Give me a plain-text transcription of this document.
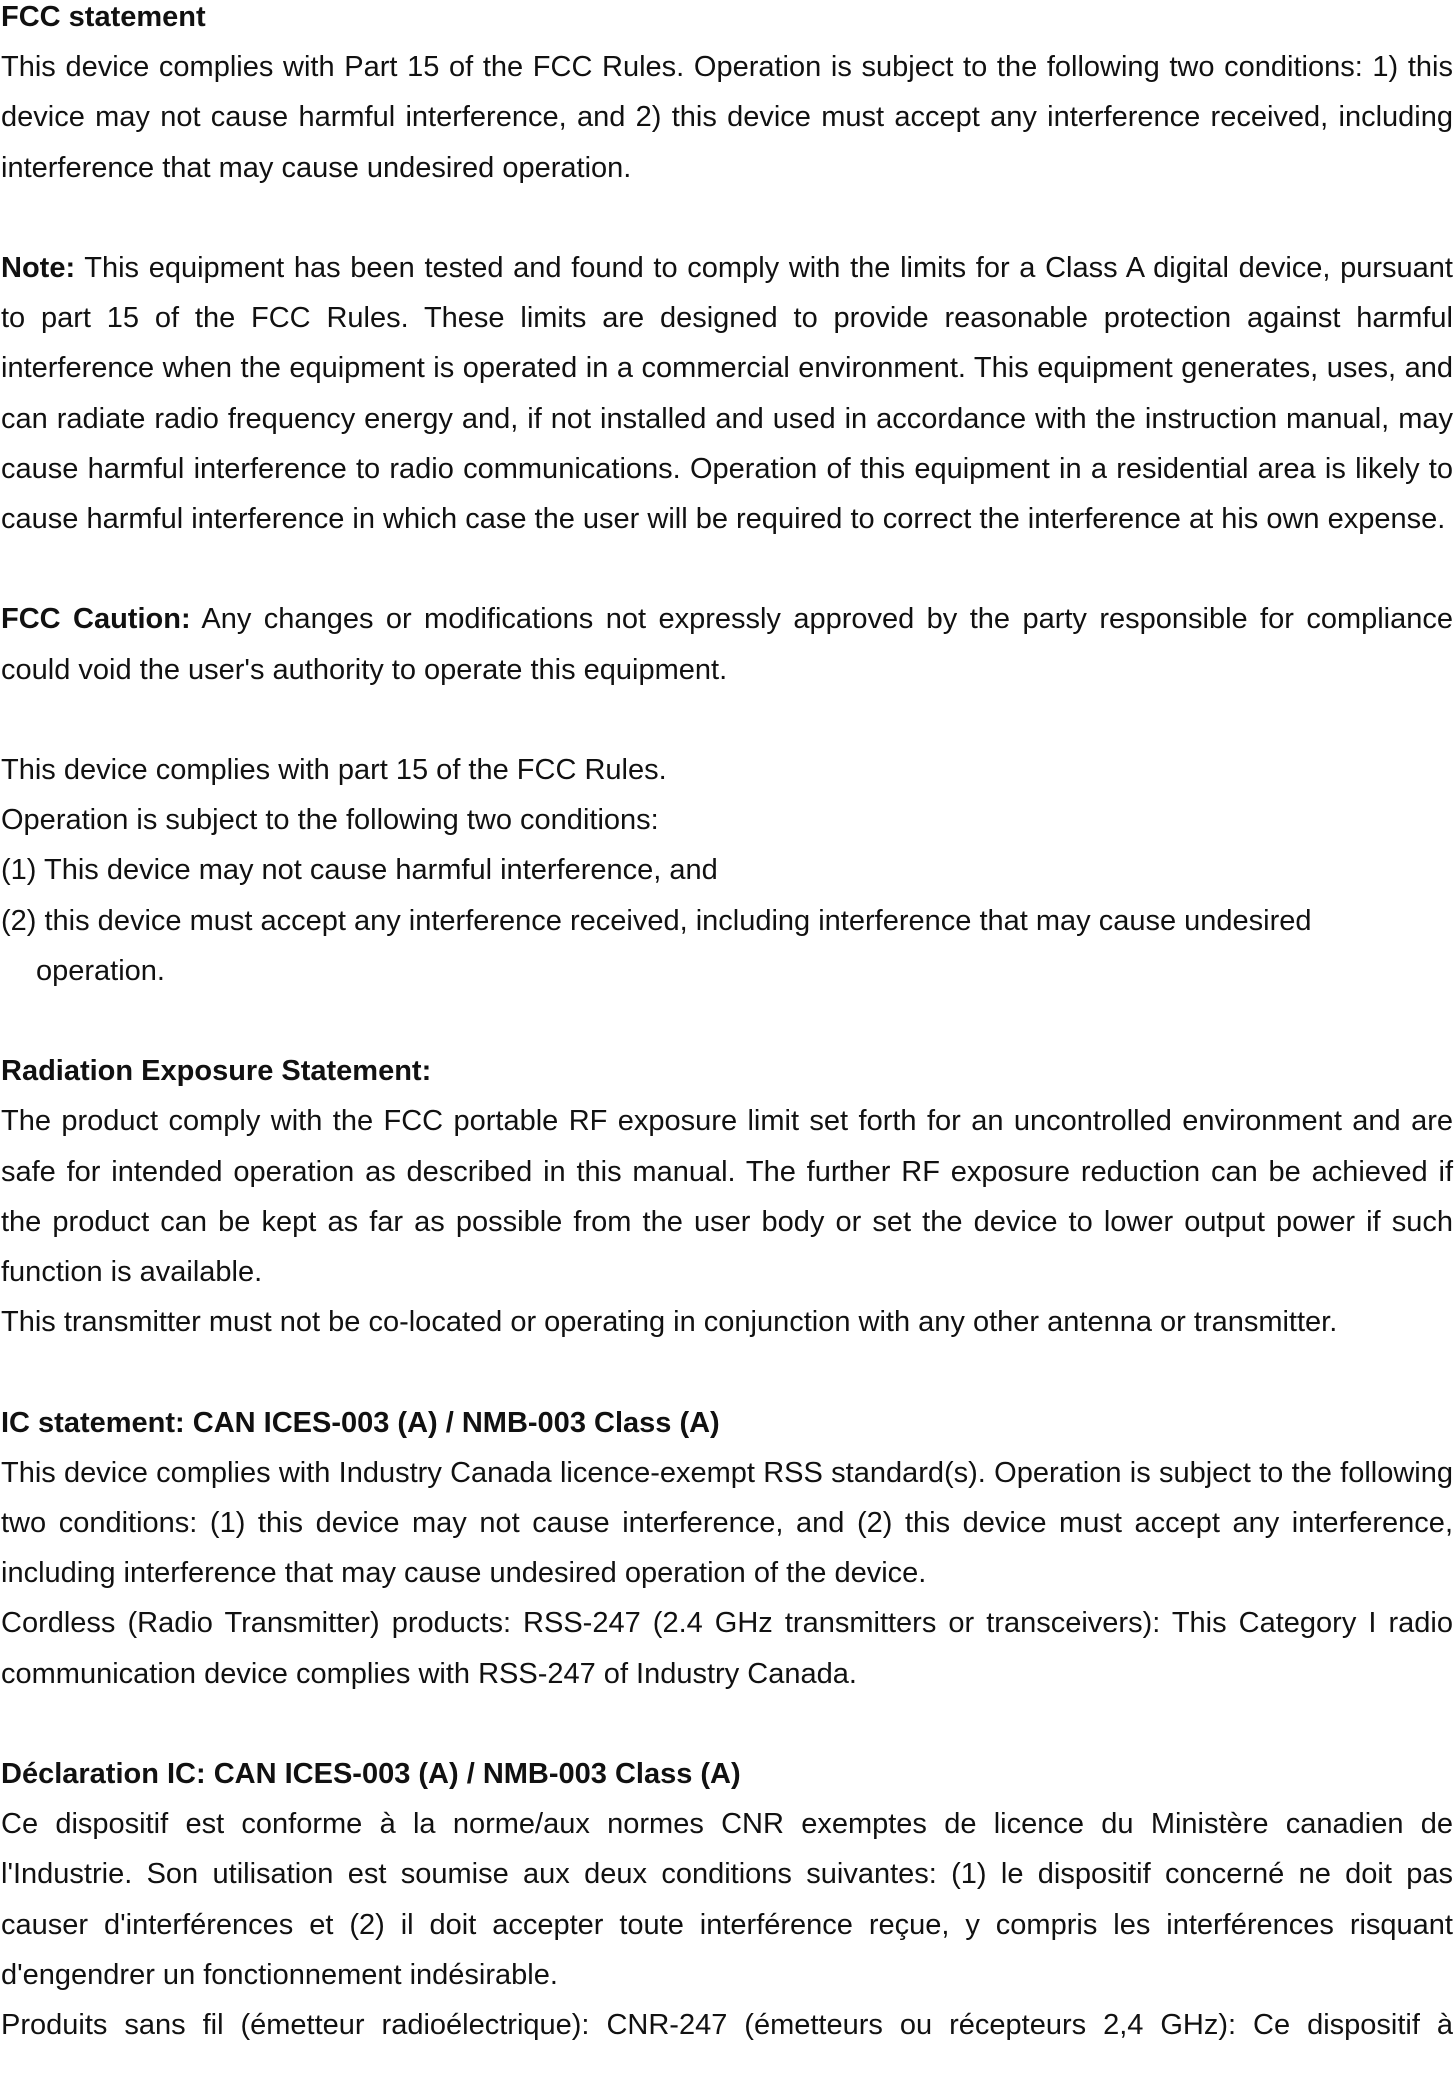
FCC statement
This device complies with Part 15 of the FCC Rules. Operation is subject to the following two conditions: 1) this device may not cause harmful interference, and 2) this device must accept any interference received, including interference that may cause undesired operation.
Note: This equipment has been tested and found to comply with the limits for a Class A digital device, pursuant to part 15 of the FCC Rules. These limits are designed to provide reasonable protection against harmful interference when the equipment is operated in a commercial environment. This equipment generates, uses, and can radiate radio frequency energy and, if not installed and used in accordance with the instruction manual, may cause harmful interference to radio communications. Operation of this equipment in a residential area is likely to cause harmful interference in which case the user will be required to correct the interference at his own expense.
FCC Caution: Any changes or modifications not expressly approved by the party responsible for compliance could void the user's authority to operate this equipment.
This device complies with part 15 of the FCC Rules.
Operation is subject to the following two conditions:
(1) This device may not cause harmful interference, and
(2) this device must accept any interference received, including interference that may cause undesired
operation.
Radiation Exposure Statement:
The product comply with the FCC portable RF exposure limit set forth for an uncontrolled environment and are safe for intended operation as described in this manual. The further RF exposure reduction can be achieved if the product can be kept as far as possible from the user body or set the device to lower output power if such function is available.
This transmitter must not be co-located or operating in conjunction with any other antenna or transmitter.
IC statement: CAN ICES-003 (A) / NMB-003 Class (A)
This device complies with Industry Canada licence-exempt RSS standard(s). Operation is subject to the following two conditions: (1) this device may not cause interference, and (2) this device must accept any interference, including interference that may cause undesired operation of the device.
Cordless (Radio Transmitter) products: RSS-247 (2.4 GHz transmitters or transceivers): This Category I radio communication device complies with RSS-247 of Industry Canada.
Déclaration IC: CAN ICES-003 (A) / NMB-003 Class (A)
Ce dispositif est conforme à la norme/aux normes CNR exemptes de licence du Ministère canadien de l'Industrie. Son utilisation est soumise aux deux conditions suivantes: (1) le dispositif concerné ne doit pas causer d'interférences et (2) il doit accepter toute interférence reçue, y compris les interférences risquant d'engendrer un fonctionnement indésirable.
Produits sans fil (émetteur radioélectrique): CNR-247 (émetteurs ou récepteurs 2,4 GHz): Ce dispositif à
